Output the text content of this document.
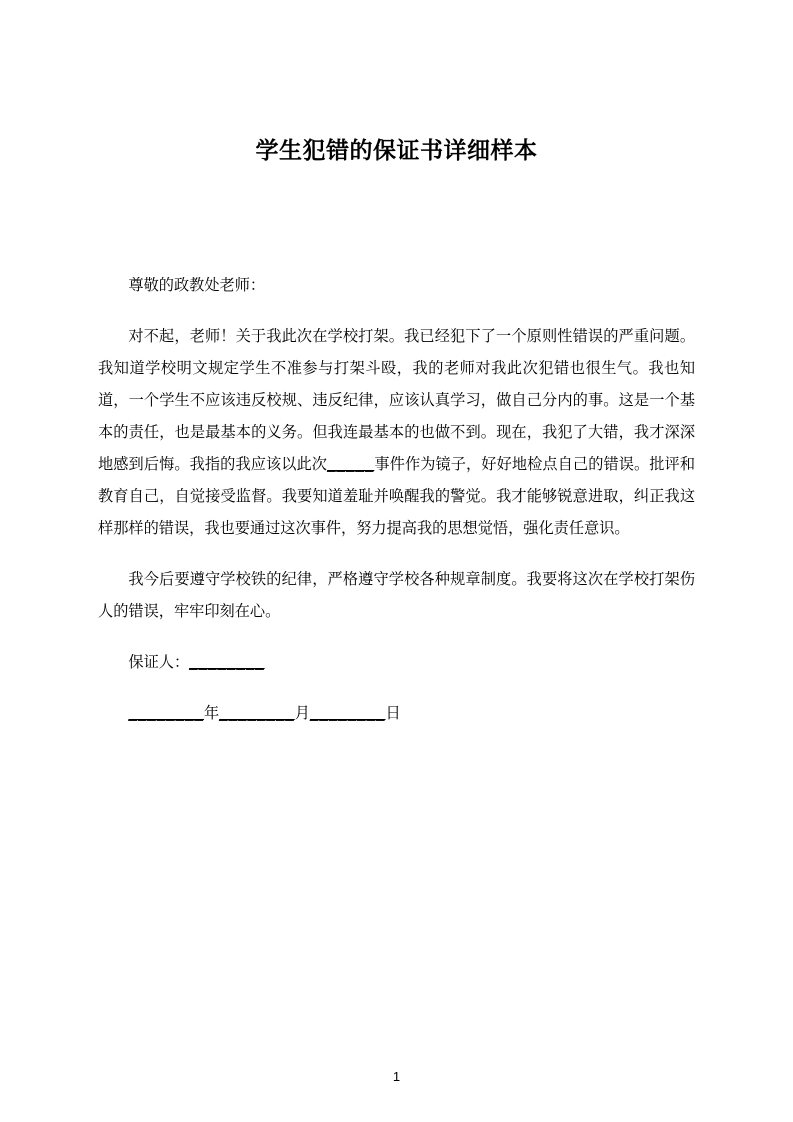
学生犯错的保证书详细样本

尊敬的政教处老师：

对不起，老师！关于我此次在学校打架。我已经犯下了一个原则性错误的严重问题。我知道学校明文规定学生不准参与打架斗殴，我的老师对我此次犯错也很生气。我也知道，一个学生不应该违反校规、违反纪律，应该认真学习，做自己分内的事。这是一个基本的责任，也是最基本的义务。但我连最基本的也做不到。现在，我犯了大错，我才深深地感到后悔。我指的我应该以此次_____事件作为镜子，好好地检点自己的错误。批评和教育自己，自觉接受监督。我要知道羞耻并唤醒我的警觉。我才能够锐意进取，纠正我这样那样的错误，我也要通过这次事件，努力提高我的思想觉悟，强化责任意识。

我今后要遵守学校铁的纪律，严格遵守学校各种规章制度。我要将这次在学校打架伤人的错误，牢牢印刻在心。

保证人：________

________年________月________日

1
